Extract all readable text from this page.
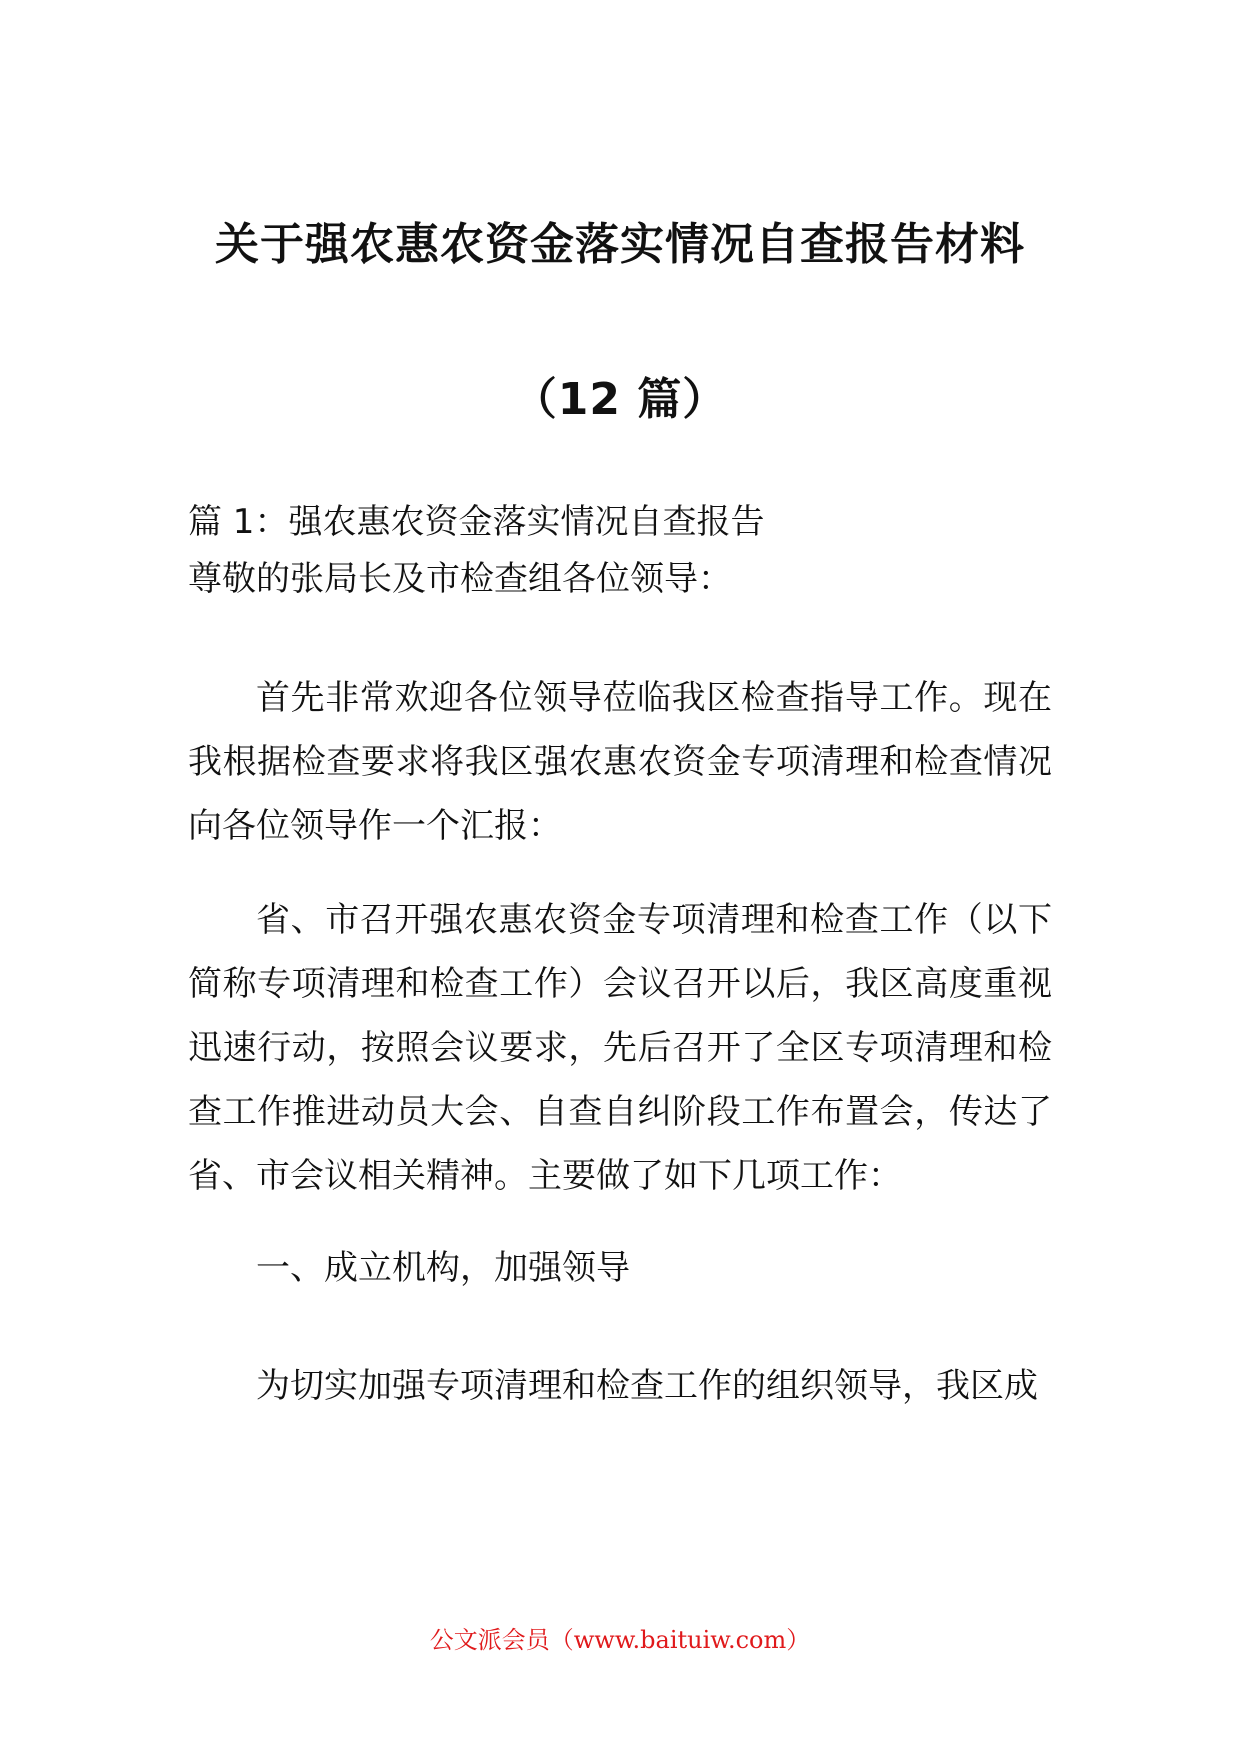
关于强农惠农资金落实情况自查报告材料
（12 篇）
篇 1：强农惠农资金落实情况自查报告
尊敬的张局长及市检查组各位领导：
首先非常欢迎各位领导莅临我区检查指导工作。现在我根据检查要求将我区强农惠农资金专项清理和检查情况向各位领导作一个汇报：
省、市召开强农惠农资金专项清理和检查工作（以下简称专项清理和检查工作）会议召开以后，我区高度重视迅速行动，按照会议要求，先后召开了全区专项清理和检查工作推进动员大会、自查自纠阶段工作布置会，传达了省、市会议相关精神。主要做了如下几项工作：
一、成立机构，加强领导
为切实加强专项清理和检查工作的组织领导，我区成
公文派会员（www.baituiw.com）
